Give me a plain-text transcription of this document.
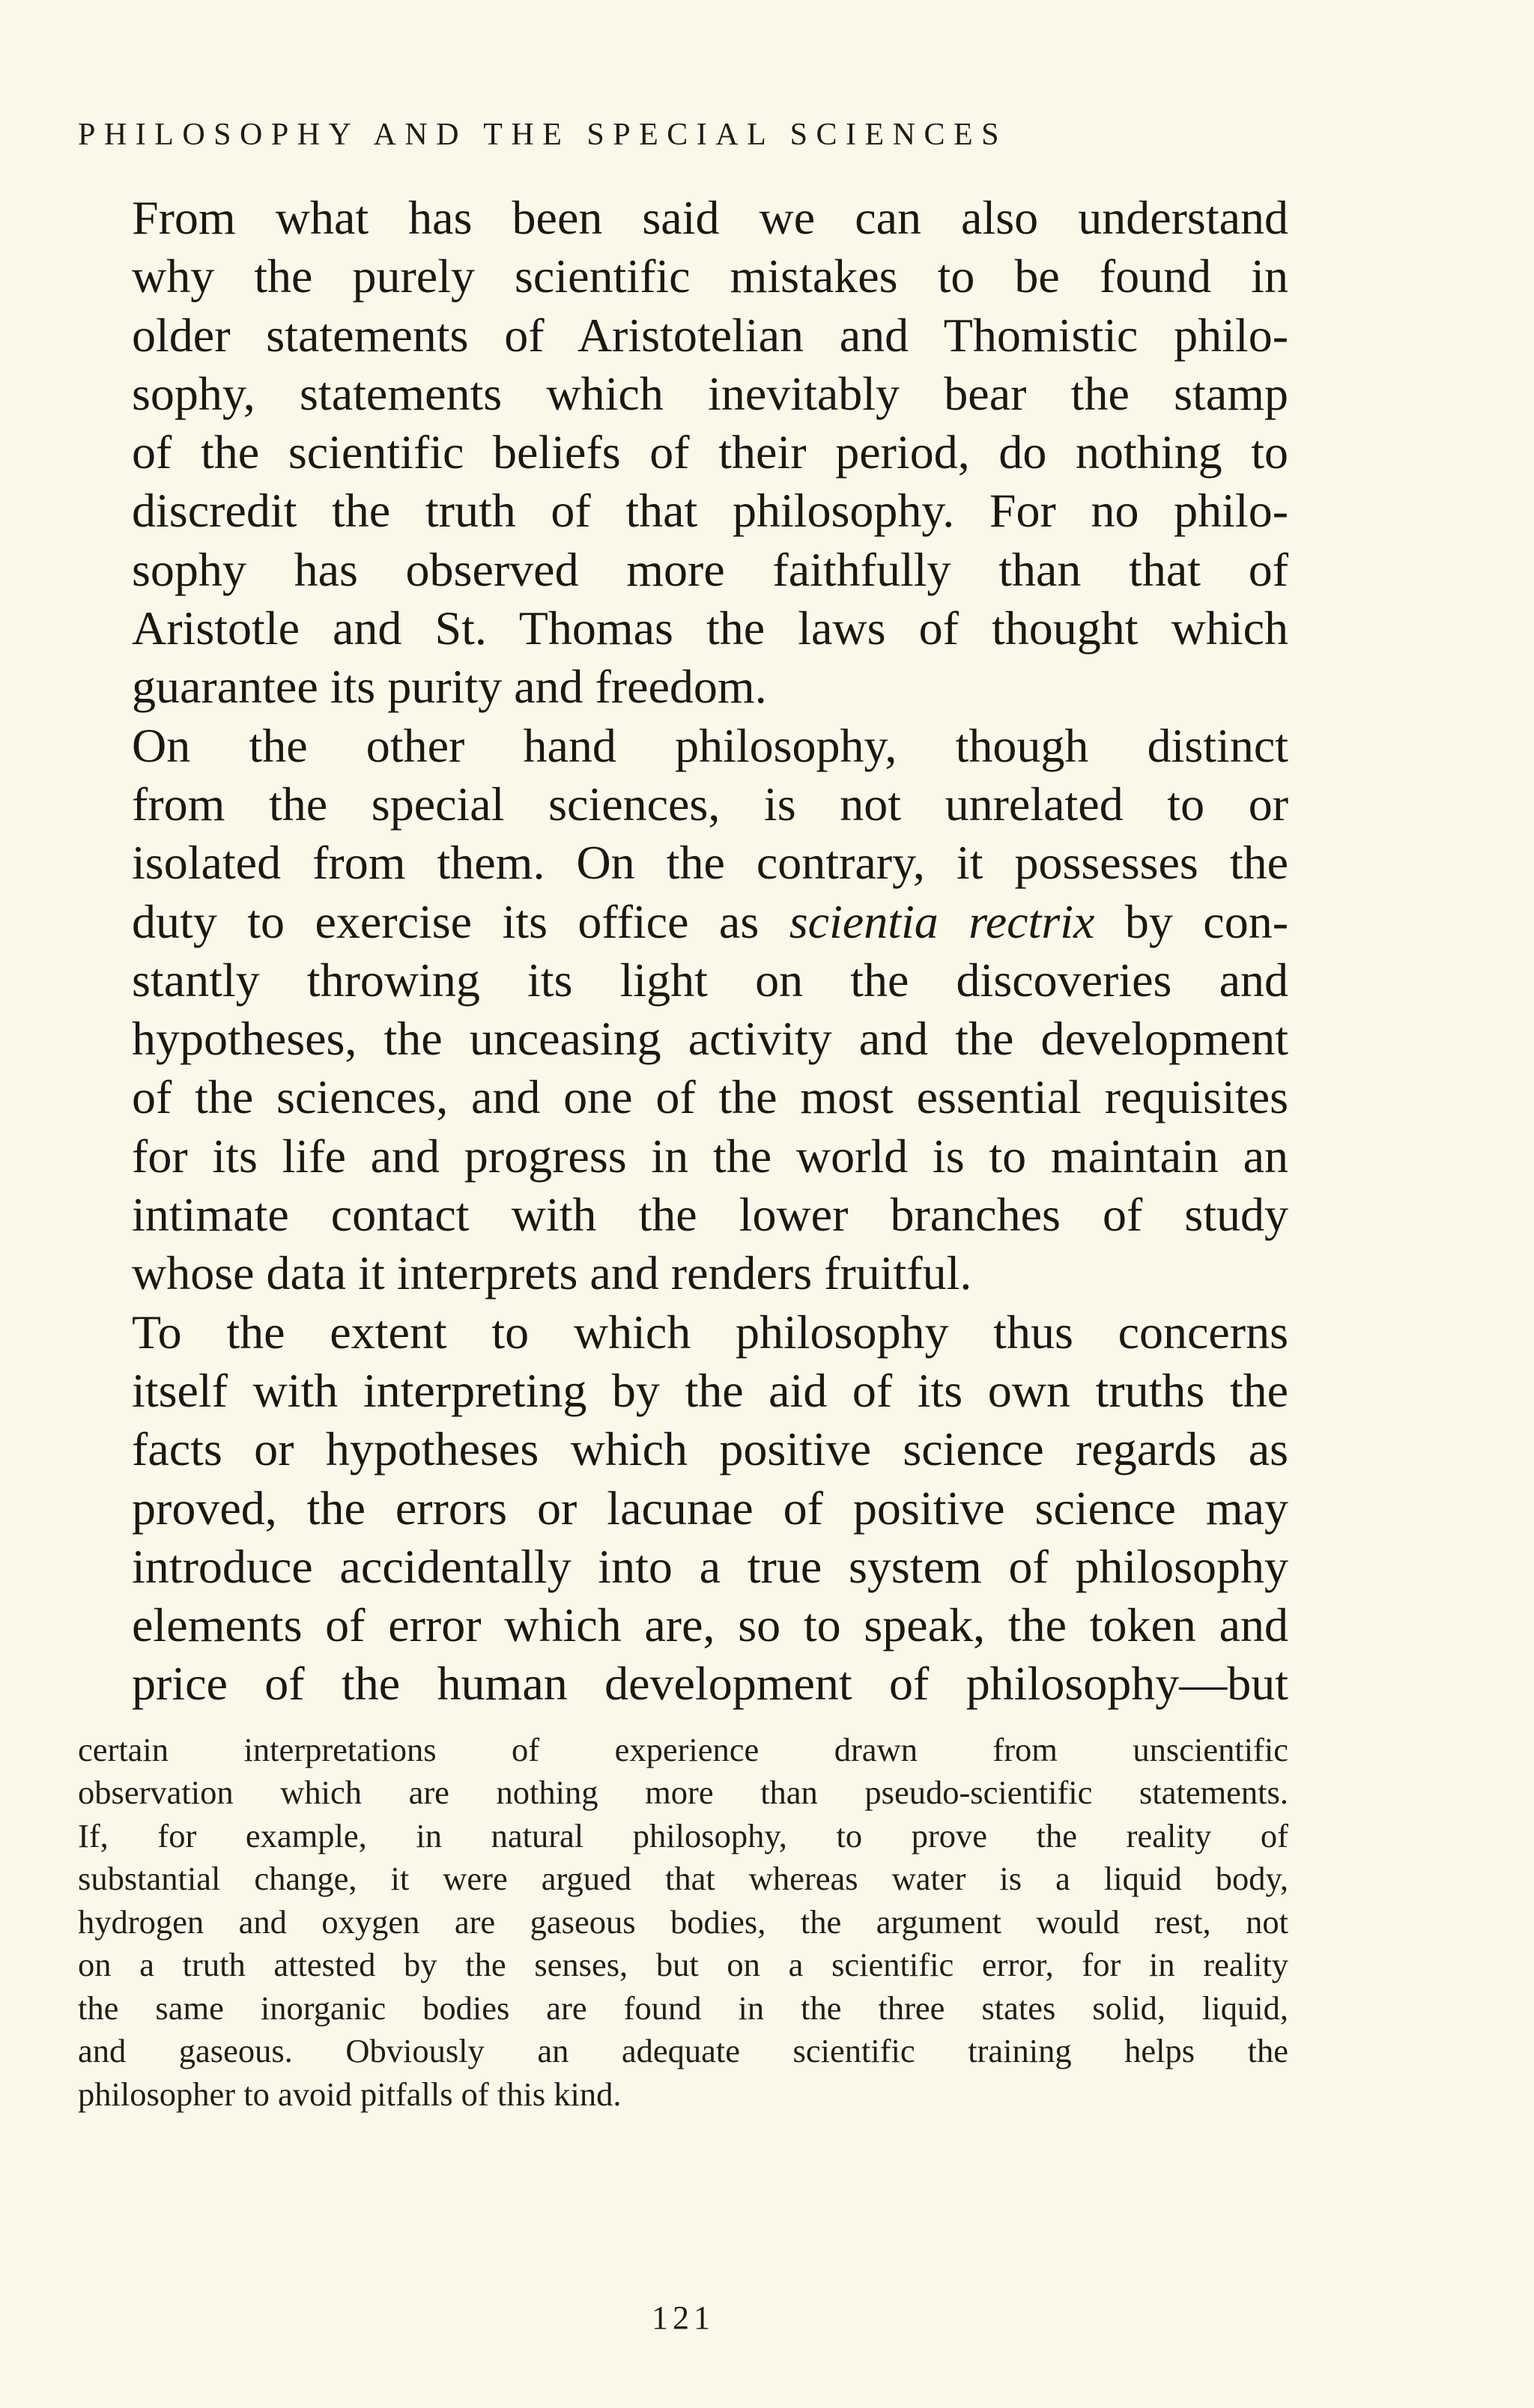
PHILOSOPHY AND THE SPECIAL SCIENCES

From what has been said we can also understand
why the purely scientific mistakes to be found in
older statements of Aristotelian and Thomistic philo-
sophy, statements which inevitably bear the stamp
of the scientific beliefs of their period, do nothing to
discredit the truth of that philosophy. For no philo-
sophy has observed more faithfully than that of
Aristotle and St. Thomas the laws of thought which
guarantee its purity and freedom.

On the other hand philosophy, though distinct
from the special sciences, is not unrelated to or
isolated from them. On the contrary, it possesses the
duty to exercise its office as scientia rectrix by con-
stantly throwing its light on the discoveries and
hypotheses, the unceasing activity and the development
of the sciences, and one of the most essential requisites
for its life and progress in the world is to maintain an
intimate contact with the lower branches of study
whose data it interprets and renders fruitful.

To the extent to which philosophy thus concerns
itself with interpreting by the aid of its own truths the
facts or hypotheses which positive science regards as
proved, the errors or lacunae of positive science may
introduce accidentally into a true system of philosophy
elements of error which are, so to speak, the token and
price of the human development of philosophy—but

certain interpretations of experience drawn from unscientific
observation which are nothing more than pseudo-scientific statements.
If, for example, in natural philosophy, to prove the reality of
substantial change, it were argued that whereas water is a liquid body,
hydrogen and oxygen are gaseous bodies, the argument would rest, not
on a truth attested by the senses, but on a scientific error, for in reality
the same inorganic bodies are found in the three states solid, liquid,
and gaseous. Obviously an adequate scientific training helps the
philosopher to avoid pitfalls of this kind.

121
